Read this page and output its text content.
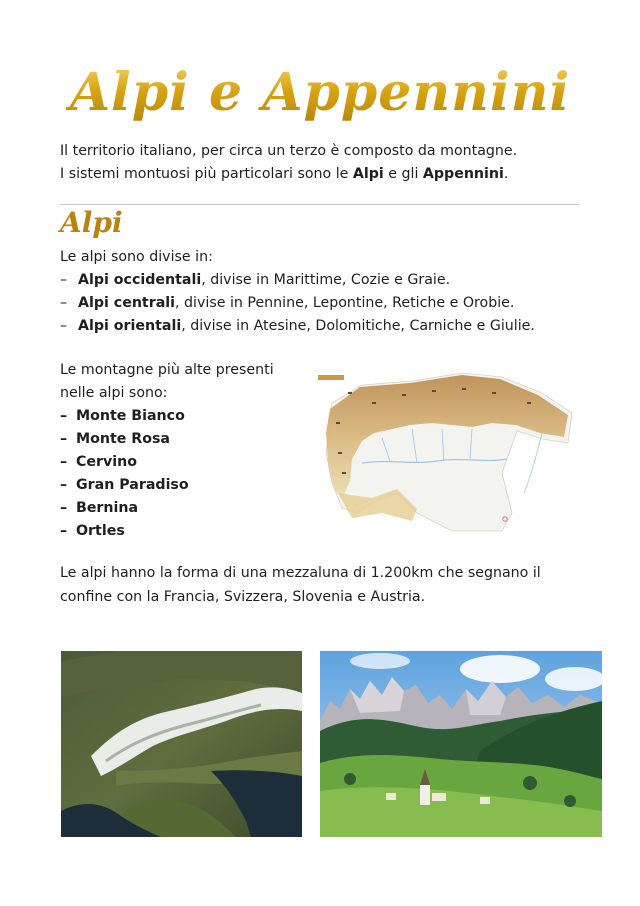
Alpi e Appennini
Il territorio italiano, per circa un terzo è composto da montagne.
I sistemi montuosi più particolari sono le Alpi e gli Appennini.
Alpi
Le alpi sono divise in:
– Alpi occidentali, divise in Marittime, Cozie e Graie.
– Alpi centrali, divise in Pennine, Lepontine, Retiche e Orobie.
– Alpi orientali, divise in Atesine, Dolomitiche, Carniche e Giulie.
Le montagne più alte presenti
nelle alpi sono:
– Monte Bianco
– Monte Rosa
– Cervino
– Gran Paradiso
– Bernina
– Ortles
Le alpi hanno la forma di una mezzaluna di 1.200km che segnano il
confine con la Francia, Svizzera, Slovenia e Austria.
